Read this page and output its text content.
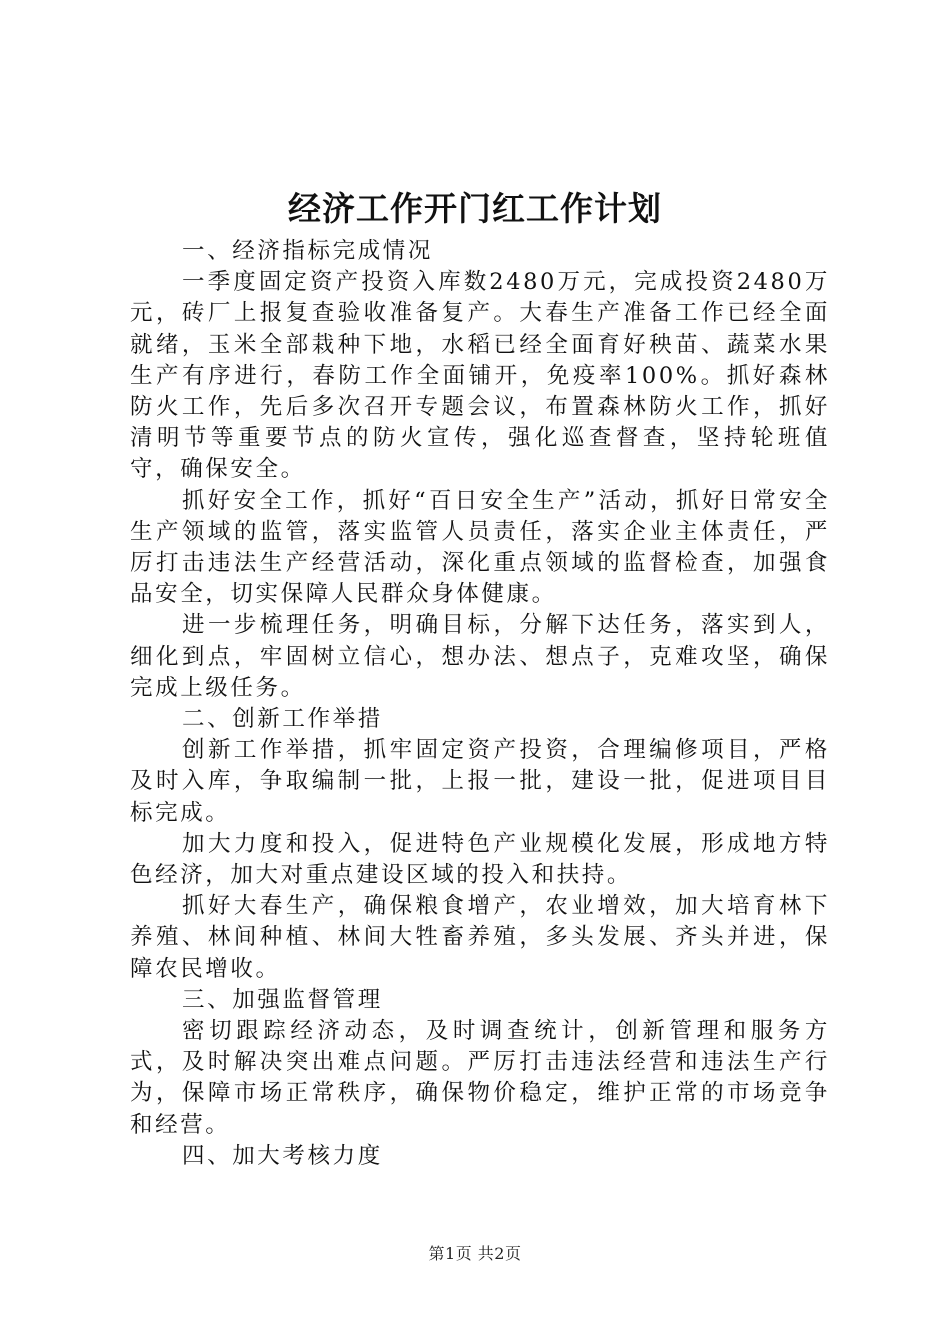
经济工作开门红工作计划

一、经济指标完成情况

一季度固定资产投资入库数2480万元，完成投资2480万元，砖厂上报复查验收准备复产。大春生产准备工作已经全面就绪，玉米全部栽种下地，水稻已经全面育好秧苗、蔬菜水果生产有序进行，春防工作全面铺开，免疫率100%。抓好森林防火工作，先后多次召开专题会议，布置森林防火工作，抓好清明节等重要节点的防火宣传，强化巡查督查，坚持轮班值守，确保安全。

抓好安全工作，抓好“百日安全生产”活动，抓好日常安全生产领域的监管，落实监管人员责任，落实企业主体责任，严厉打击违法生产经营活动，深化重点领域的监督检查，加强食品安全，切实保障人民群众身体健康。

进一步梳理任务，明确目标，分解下达任务，落实到人，细化到点，牢固树立信心，想办法、想点子，克难攻坚，确保完成上级任务。

二、创新工作举措

创新工作举措，抓牢固定资产投资，合理编修项目，严格及时入库，争取编制一批，上报一批，建设一批，促进项目目标完成。

加大力度和投入，促进特色产业规模化发展，形成地方特色经济，加大对重点建设区域的投入和扶持。

抓好大春生产，确保粮食增产，农业增效，加大培育林下养殖、林间种植、林间大牲畜养殖，多头发展、齐头并进，保障农民增收。

三、加强监督管理

密切跟踪经济动态，及时调查统计，创新管理和服务方式，及时解决突出难点问题。严厉打击违法经营和违法生产行为，保障市场正常秩序，确保物价稳定，维护正常的市场竞争和经营。

四、加大考核力度

第1页 共2页
